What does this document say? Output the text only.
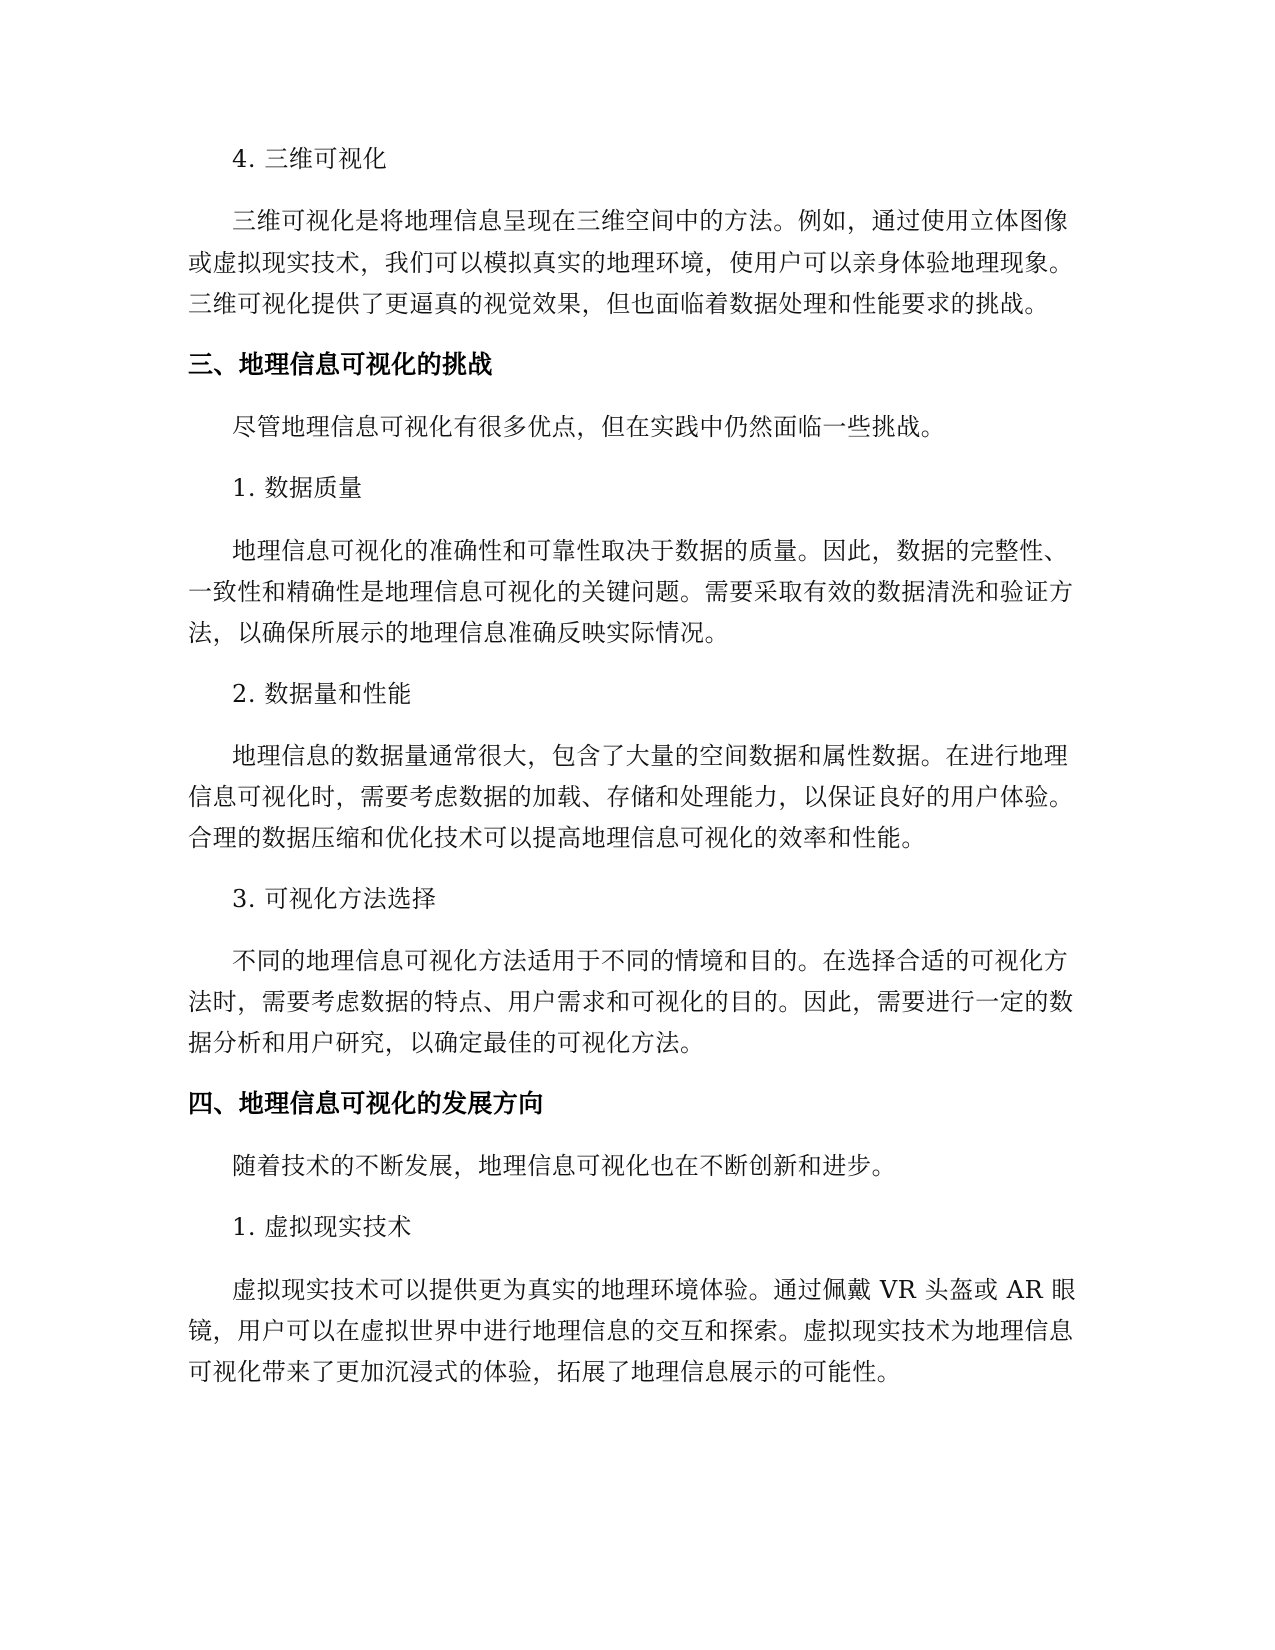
4. 三维可视化
三维可视化是将地理信息呈现在三维空间中的方法。例如，通过使用立体图像
或虚拟现实技术，我们可以模拟真实的地理环境，使用户可以亲身体验地理现象。
三维可视化提供了更逼真的视觉效果，但也面临着数据处理和性能要求的挑战。
三、地理信息可视化的挑战
尽管地理信息可视化有很多优点，但在实践中仍然面临一些挑战。
1. 数据质量
地理信息可视化的准确性和可靠性取决于数据的质量。因此，数据的完整性、
一致性和精确性是地理信息可视化的关键问题。需要采取有效的数据清洗和验证方
法，以确保所展示的地理信息准确反映实际情况。
2. 数据量和性能
地理信息的数据量通常很大，包含了大量的空间数据和属性数据。在进行地理
信息可视化时，需要考虑数据的加载、存储和处理能力，以保证良好的用户体验。
合理的数据压缩和优化技术可以提高地理信息可视化的效率和性能。
3. 可视化方法选择
不同的地理信息可视化方法适用于不同的情境和目的。在选择合适的可视化方
法时，需要考虑数据的特点、用户需求和可视化的目的。因此，需要进行一定的数
据分析和用户研究，以确定最佳的可视化方法。
四、地理信息可视化的发展方向
随着技术的不断发展，地理信息可视化也在不断创新和进步。
1. 虚拟现实技术
虚拟现实技术可以提供更为真实的地理环境体验。通过佩戴 VR 头盔或 AR 眼
镜，用户可以在虚拟世界中进行地理信息的交互和探索。虚拟现实技术为地理信息
可视化带来了更加沉浸式的体验，拓展了地理信息展示的可能性。
